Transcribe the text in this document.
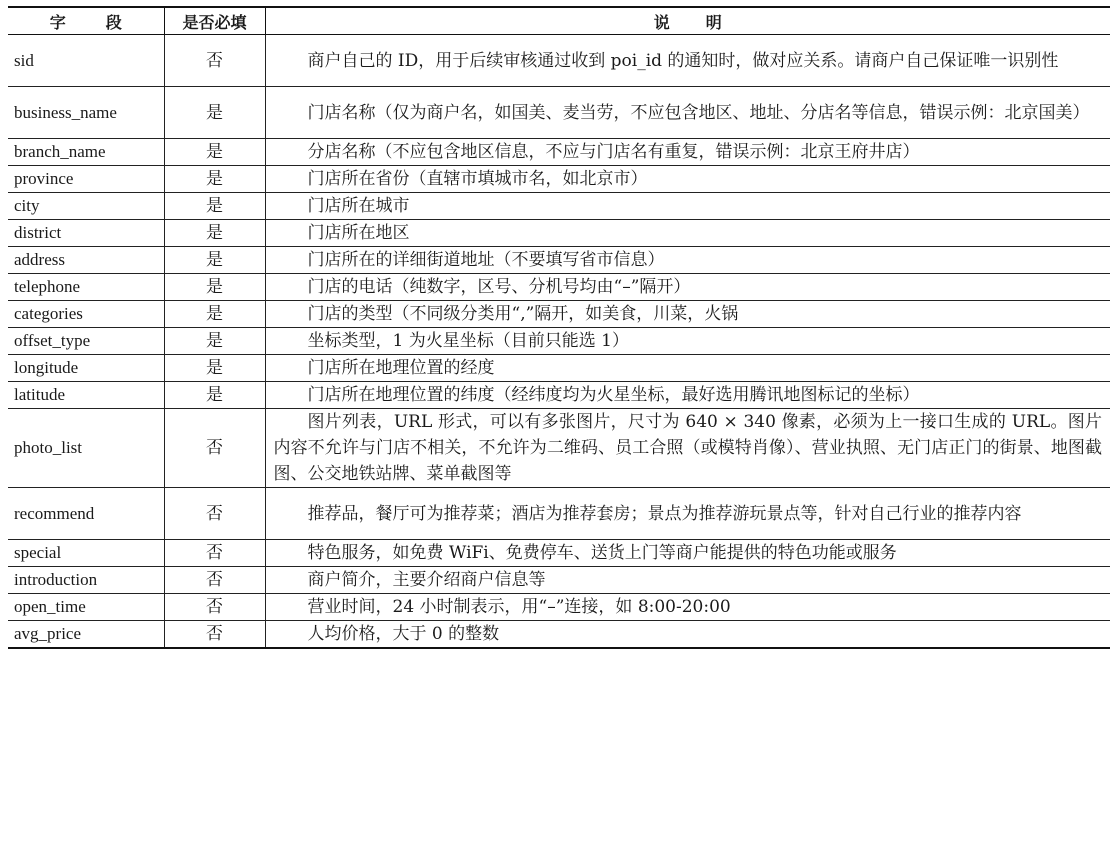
字 段	是否必填	说 明
sid	否	商户自己的 ID，用于后续审核通过收到 poi_id 的通知时，做对应关系。请商户自己保证唯一识别性
business_name	是	门店名称（仅为商户名，如国美、麦当劳，不应包含地区、地址、分店名等信息，错误示例：北京国美）
branch_name	是	分店名称（不应包含地区信息，不应与门店名有重复，错误示例：北京王府井店）
province	是	门店所在省份（直辖市填城市名，如北京市）
city	是	门店所在城市
district	是	门店所在地区
address	是	门店所在的详细街道地址（不要填写省市信息）
telephone	是	门店的电话（纯数字，区号、分机号均由“–”隔开）
categories	是	门店的类型（不同级分类用“,”隔开，如美食，川菜，火锅
offset_type	是	坐标类型，1 为火星坐标（目前只能选 1）
longitude	是	门店所在地理位置的经度
latitude	是	门店所在地理位置的纬度（经纬度均为火星坐标，最好选用腾讯地图标记的坐标）
photo_list	否	图片列表，URL 形式，可以有多张图片，尺寸为 640 × 340 像素，必须为上一接口生成的 URL。图片内容不允许与门店不相关，不允许为二维码、员工合照（或模特肖像）、营业执照、无门店正门的街景、地图截图、公交地铁站牌、菜单截图等
recommend	否	推荐品，餐厅可为推荐菜；酒店为推荐套房；景点为推荐游玩景点等，针对自己行业的推荐内容
special	否	特色服务，如免费 WiFi、免费停车、送货上门等商户能提供的特色功能或服务
introduction	否	商户简介，主要介绍商户信息等
open_time	否	营业时间，24 小时制表示，用“–”连接，如 8:00-20:00
avg_price	否	人均价格，大于 0 的整数
